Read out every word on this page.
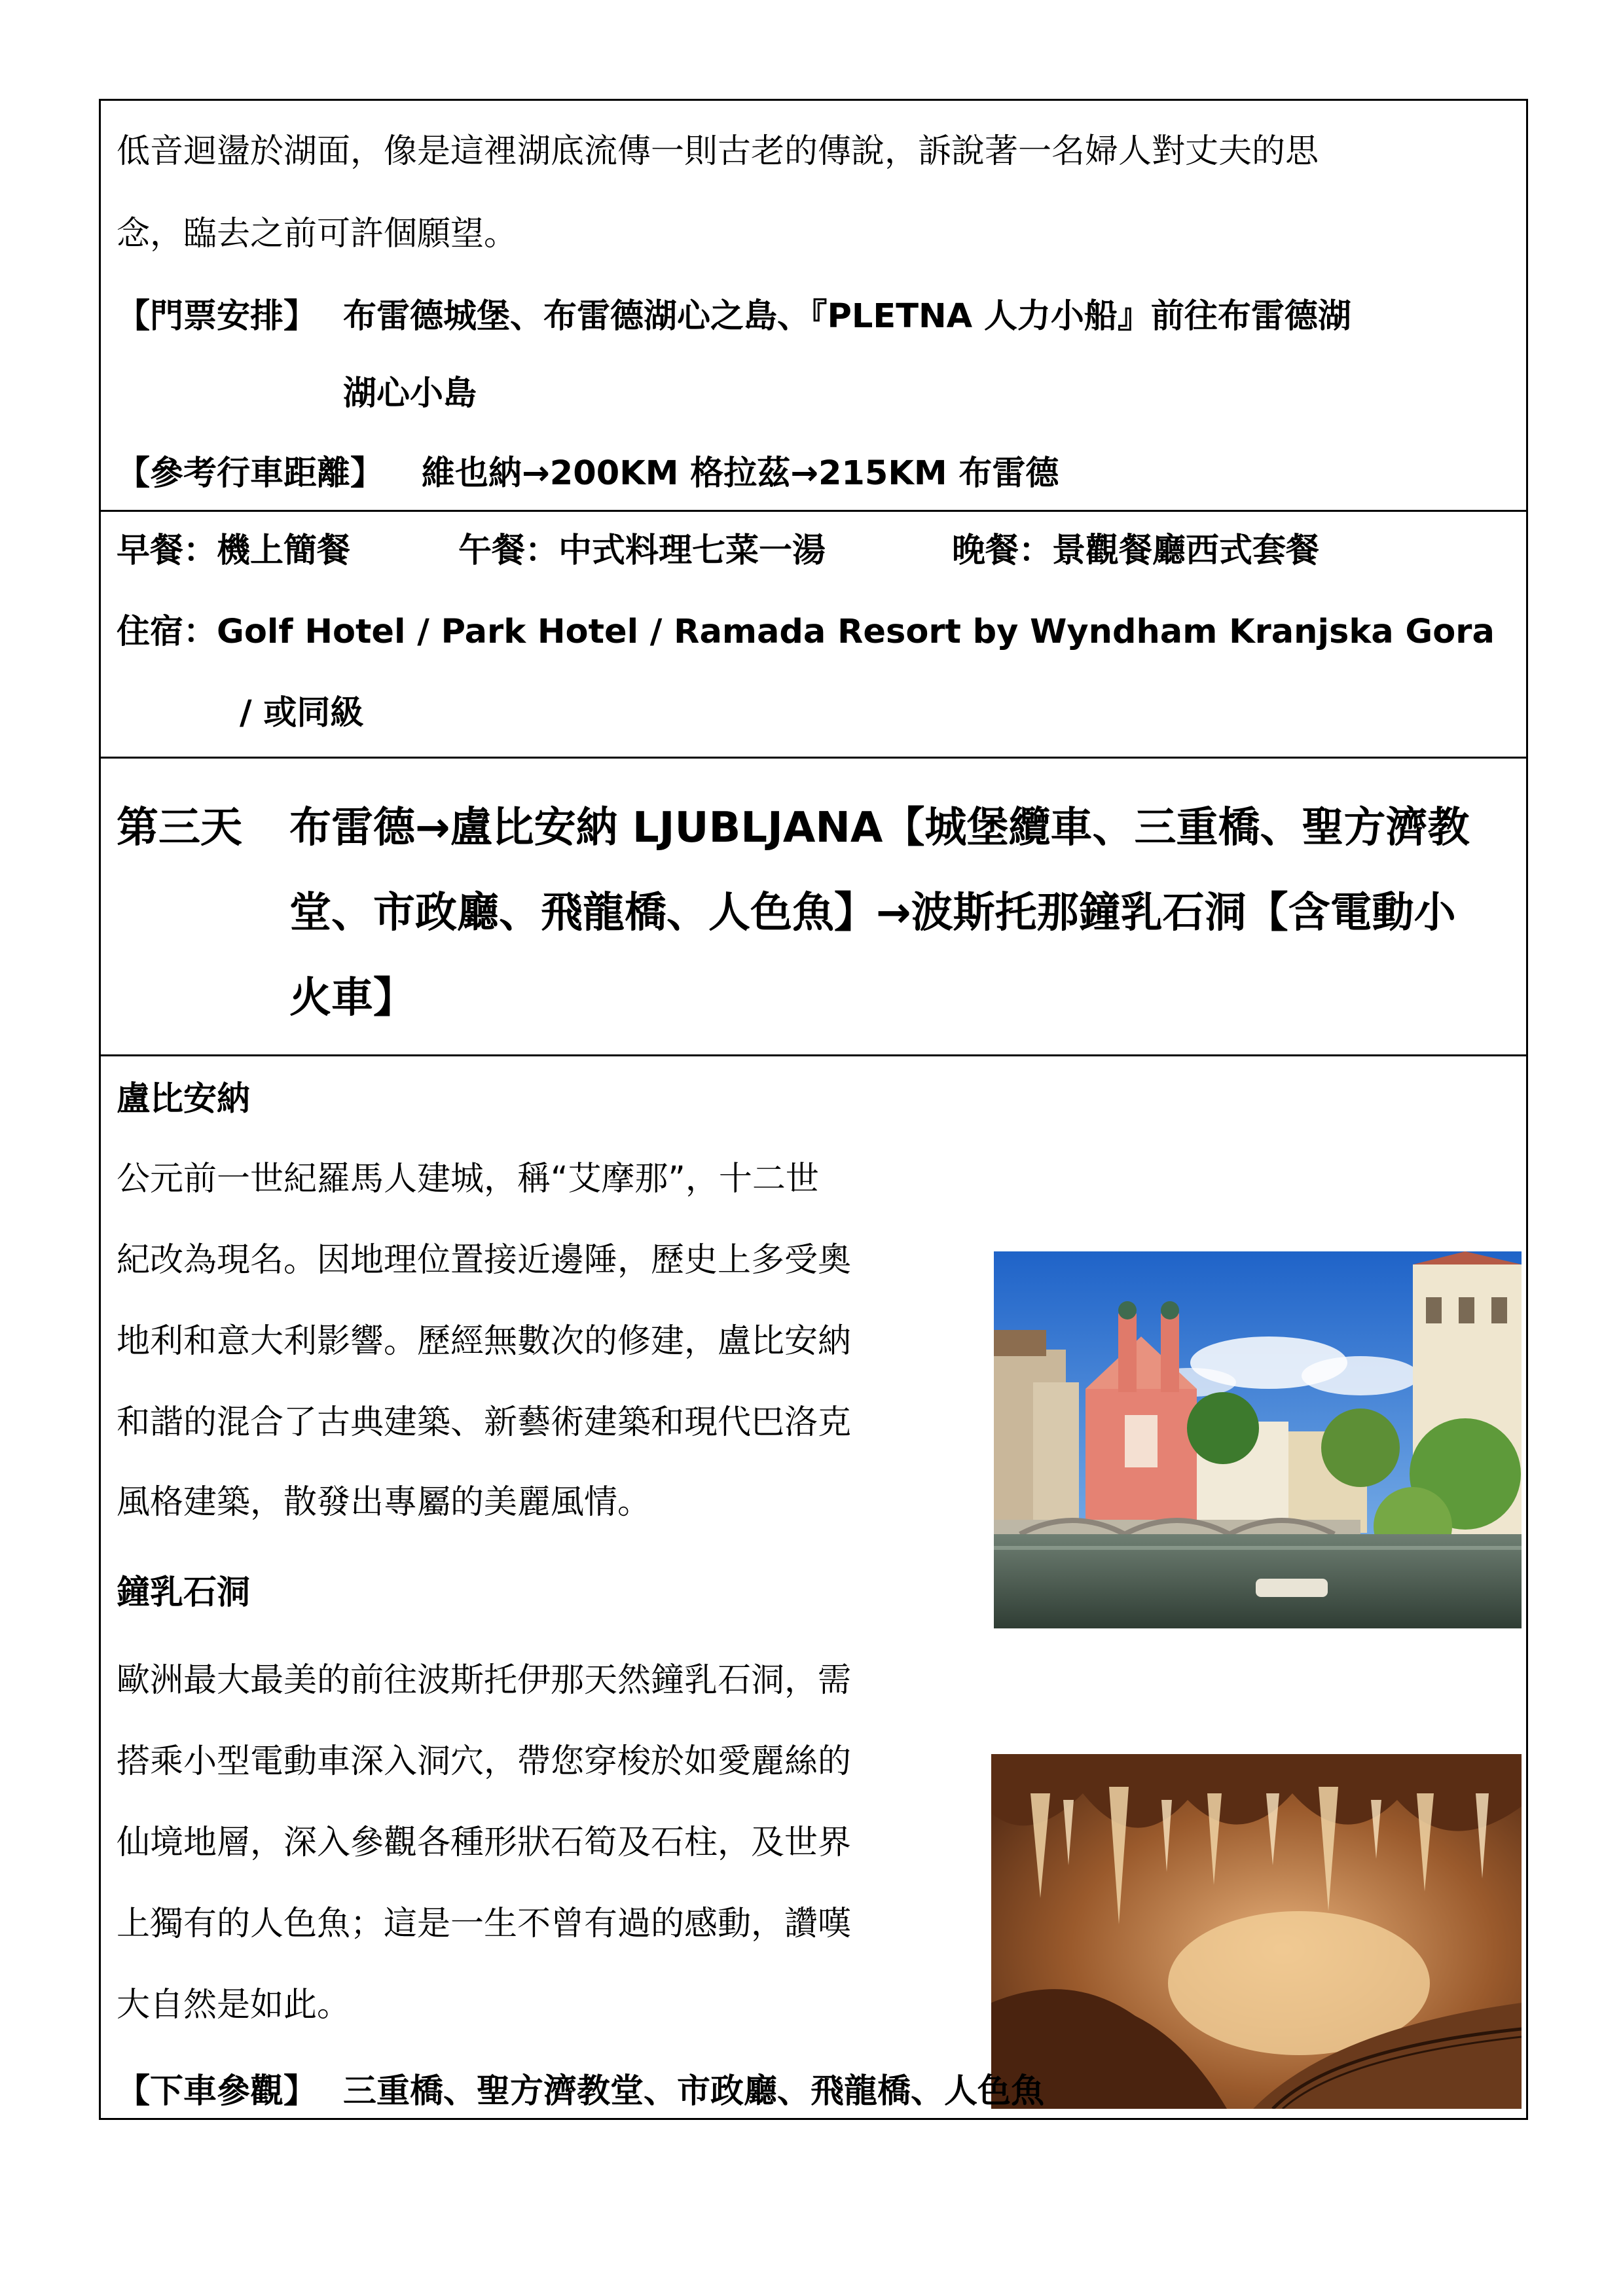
低音迴盪於湖面，像是這裡湖底流傳一則古老的傳說，訴說著一名婦人對丈夫的思
念，臨去之前可許個願望。
【門票安排】 布雷德城堡、布雷德湖心之島、『PLETNA 人力小船』前往布雷德湖
湖心小島
【參考行車距離】 維也納→200KM 格拉茲→215KM 布雷德
早餐：機上簡餐	午餐：中式料理七菜一湯	晚餐：景觀餐廳西式套餐
住宿：Golf Hotel / Park Hotel / Ramada Resort by Wyndham Kranjska Gora
/ 或同級
第三天 布雷德→盧比安納 LJUBLJANA【城堡纜車、三重橋、聖方濟教
堂、市政廳、飛龍橋、人色魚】→波斯托那鐘乳石洞【含電動小
火車】
盧比安納
公元前一世紀羅馬人建城，稱“艾摩那”，十二世
紀改為現名。因地理位置接近邊陲，歷史上多受奧
地利和意大利影響。歷經無數次的修建，盧比安納
和諧的混合了古典建築、新藝術建築和現代巴洛克
風格建築，散發出專屬的美麗風情。
鐘乳石洞
歐洲最大最美的前往波斯托伊那天然鐘乳石洞，需
搭乘小型電動車深入洞穴，帶您穿梭於如愛麗絲的
仙境地層，深入參觀各種形狀石筍及石柱，及世界
上獨有的人色魚；這是一生不曾有過的感動，讚嘆
大自然是如此。
【下車參觀】 三重橋、聖方濟教堂、市政廳、飛龍橋、人色魚
